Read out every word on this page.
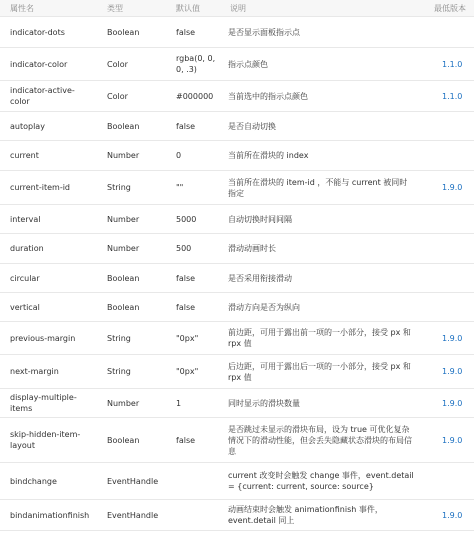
属性名	类型	默认值	说明	最低版本
indicator-dots	Boolean	false	是否显示面板指示点	
indicator-color	Color	rgba(0, 0, 0, .3)	指示点颜色	1.1.0
indicator-active-color	Color	#000000	当前选中的指示点颜色	1.1.0
autoplay	Boolean	false	是否自动切换	
current	Number	0	当前所在滑块的 index	
current-item-id	String	""	当前所在滑块的 item-id ，不能与 current 被同时指定	1.9.0
interval	Number	5000	自动切换时间间隔	
duration	Number	500	滑动动画时长	
circular	Boolean	false	是否采用衔接滑动	
vertical	Boolean	false	滑动方向是否为纵向	
previous-margin	String	"0px"	前边距，可用于露出前一项的一小部分，接受 px 和 rpx 值	1.9.0
next-margin	String	"0px"	后边距，可用于露出后一项的一小部分，接受 px 和 rpx 值	1.9.0
display-multiple-items	Number	1	同时显示的滑块数量	1.9.0
skip-hidden-item-layout	Boolean	false	是否跳过未显示的滑块布局，设为 true 可优化复杂情况下的滑动性能，但会丢失隐藏状态滑块的布局信息	1.9.0
bindchange	EventHandle		current 改变时会触发 change 事件，event.detail = {current: current, source: source}	
bindanimationfinish	EventHandle		动画结束时会触发 animationfinish 事件，event.detail 同上	1.9.0
